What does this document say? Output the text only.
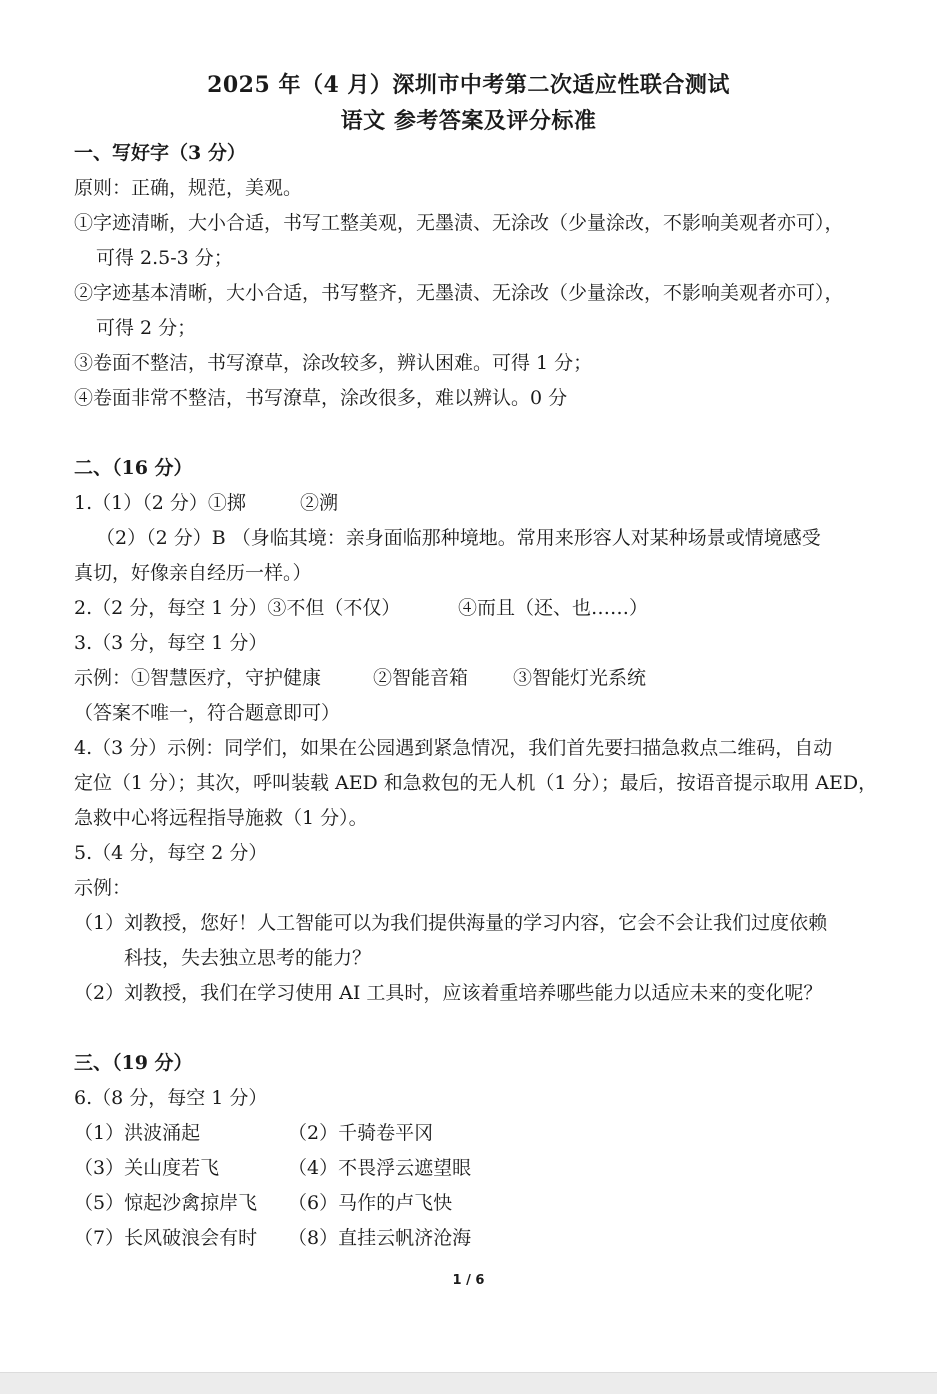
2025 年（4 月）深圳市中考第二次适应性联合测试
语文 参考答案及评分标准
一、写好字（3 分）
原则：正确，规范，美观。
①字迹清晰，大小合适，书写工整美观，无墨渍、无涂改（少量涂改，不影响美观者亦可），
可得 2.5-3 分；
②字迹基本清晰，大小合适，书写整齐，无墨渍、无涂改（少量涂改，不影响美观者亦可），
可得 2 分；
③卷面不整洁，书写潦草，涂改较多，辨认困难。可得 1 分；
④卷面非常不整洁，书写潦草，涂改很多，难以辨认。0 分
二、（16 分）
1.（1）（2 分）①掷	②溯
（2）（2 分）B （身临其境：亲身面临那种境地。常用来形容人对某种场景或情境感受
真切，好像亲自经历一样。）
2.（2 分，每空 1 分）③不但（不仅）	④而且（还、也……）
3.（3 分，每空 1 分）
示例：①智慧医疗，守护健康	②智能音箱 ③智能灯光系统
（答案不唯一，符合题意即可）
4.（3 分）示例：同学们，如果在公园遇到紧急情况，我们首先要扫描急救点二维码，自动
定位（1 分）；其次，呼叫装载 AED 和急救包的无人机（1 分）；最后，按语音提示取用 AED，
急救中心将远程指导施救（1 分）。
5.（4 分，每空 2 分）
示例：
（1）刘教授，您好！人工智能可以为我们提供海量的学习内容，它会不会让我们过度依赖
科技，失去独立思考的能力？
（2）刘教授，我们在学习使用 AI 工具时，应该着重培养哪些能力以适应未来的变化呢？
三、（19 分）
6.（8 分，每空 1 分）
（1）洪波涌起	（2）千骑卷平冈
（3）关山度若飞	（4）不畏浮云遮望眼
（5）惊起沙禽掠岸飞 （6）马作的卢飞快
（7）长风破浪会有时 （8）直挂云帆济沧海
1 / 6
